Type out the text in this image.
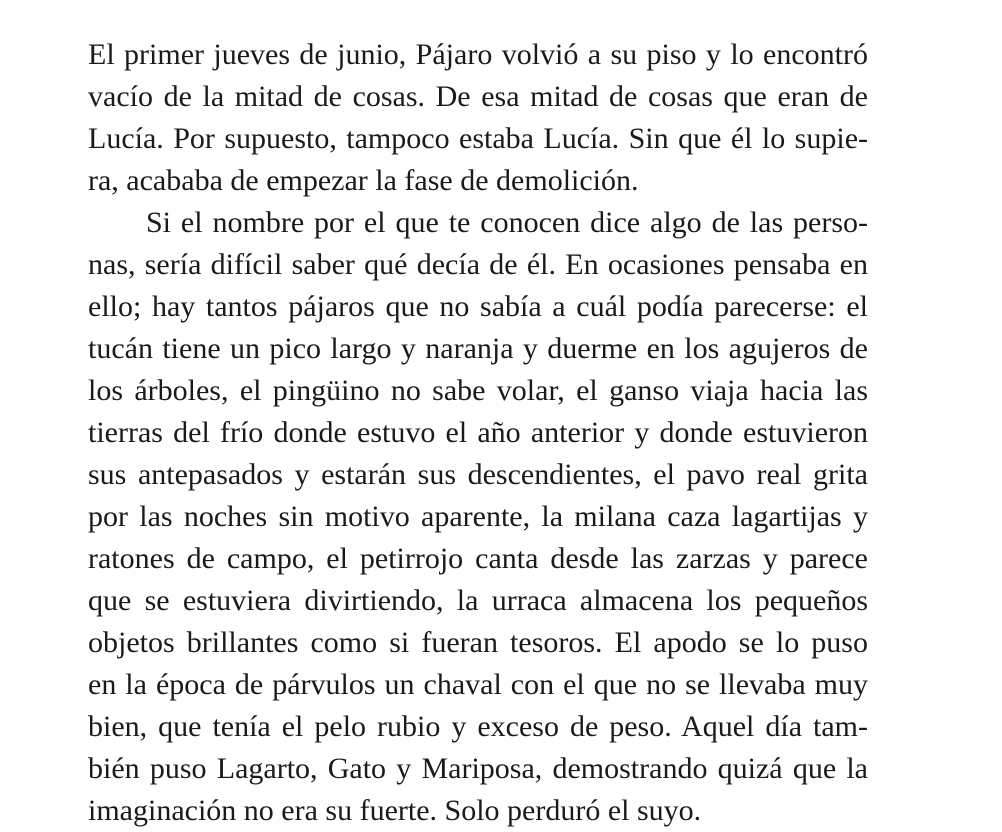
El primer jueves de junio, Pájaro volvió a su piso y lo encontró
vacío de la mitad de cosas. De esa mitad de cosas que eran de
Lucía. Por supuesto, tampoco estaba Lucía. Sin que él lo supie-
ra, acababa de empezar la fase de demolición.
Si el nombre por el que te conocen dice algo de las perso-
nas, sería difícil saber qué decía de él. En ocasiones pensaba en
ello; hay tantos pájaros que no sabía a cuál podía parecerse: el
tucán tiene un pico largo y naranja y duerme en los agujeros de
los árboles, el pingüino no sabe volar, el ganso viaja hacia las
tierras del frío donde estuvo el año anterior y donde estuvieron
sus antepasados y estarán sus descendientes, el pavo real grita
por las noches sin motivo aparente, la milana caza lagartijas y
ratones de campo, el petirrojo canta desde las zarzas y parece
que se estuviera divirtiendo, la urraca almacena los pequeños
objetos brillantes como si fueran tesoros. El apodo se lo puso
en la época de párvulos un chaval con el que no se llevaba muy
bien, que tenía el pelo rubio y exceso de peso. Aquel día tam-
bién puso Lagarto, Gato y Mariposa, demostrando quizá que la
imaginación no era su fuerte. Solo perduró el suyo.
